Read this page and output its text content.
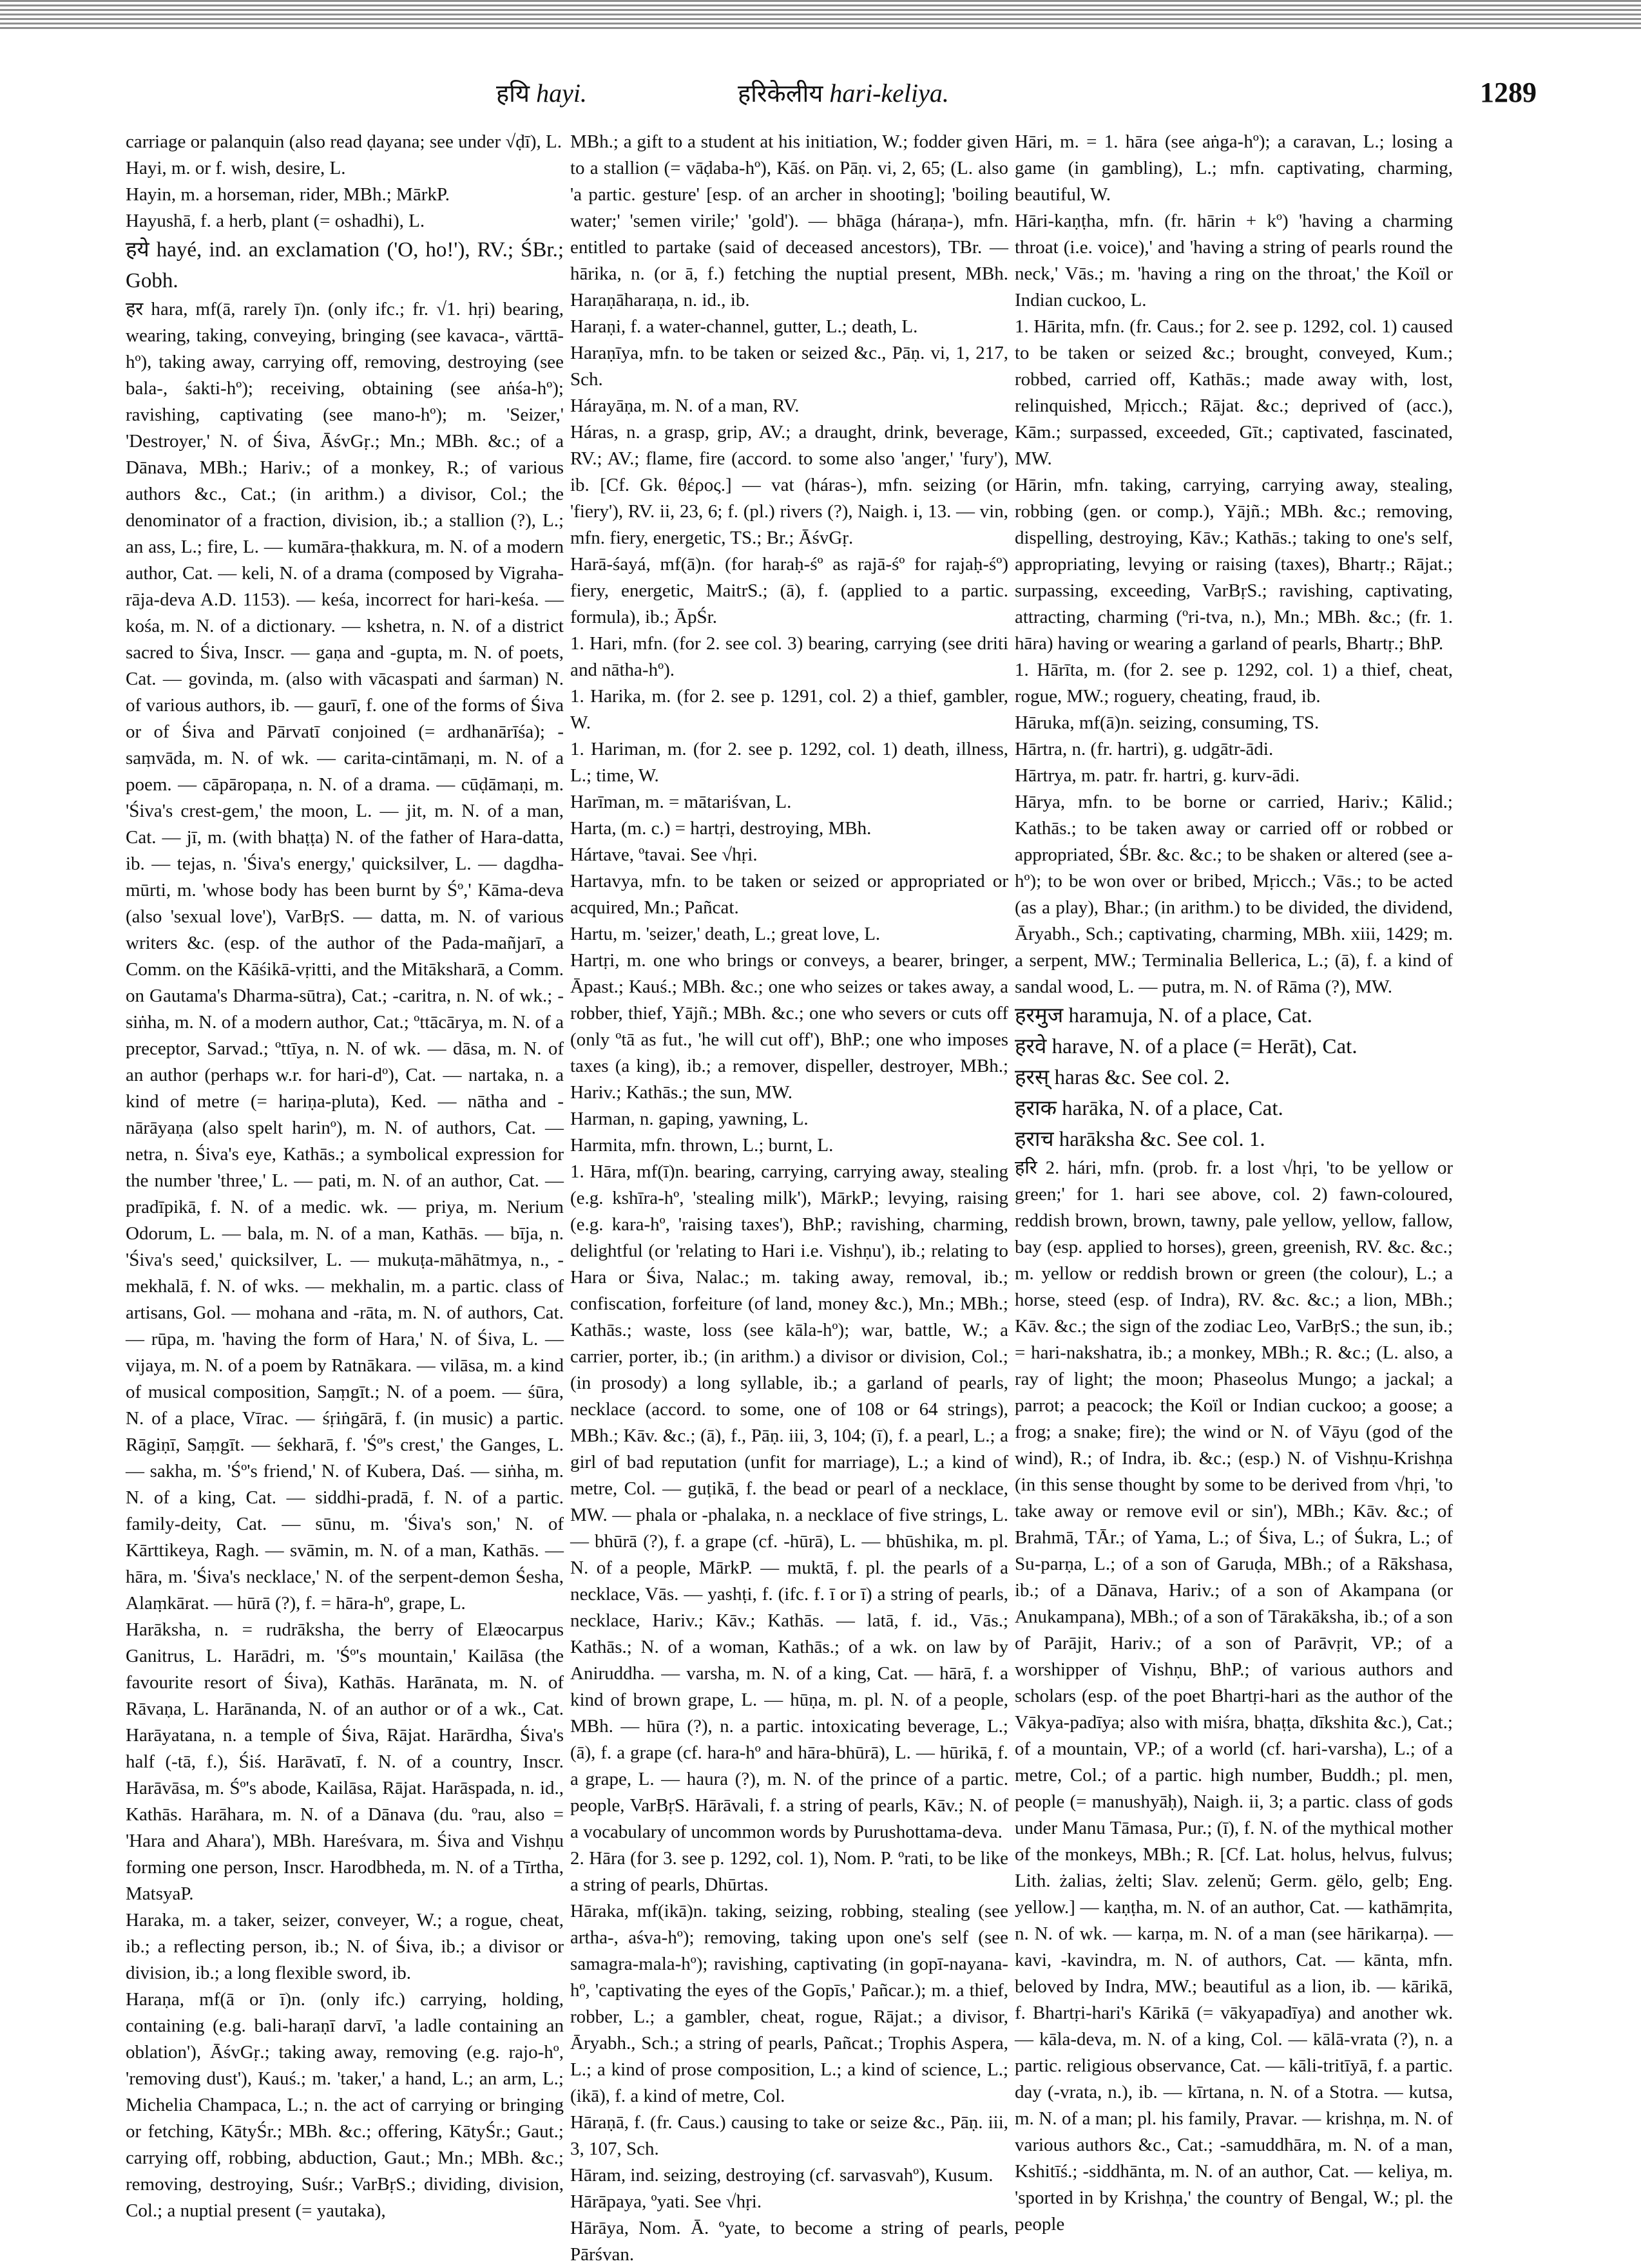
हयि hayi.	हरिकेलीय hari-keliya.	1289

carriage or palanquin (also read ḍayana; see under √ḍī), L.

Hayi, m. or f. wish, desire, L.

Hayin, m. a horseman, rider, MBh.; MārkP.

Hayushā, f. a herb, plant (= oshadhi), L.

हये hayé, ind. an exclamation ('O, ho!'), RV.; ŚBr.; Gobh.

हर hara, mf(ā, rarely ī)n. (only ifc.; fr. √1. hṛi) bearing, wearing, taking, conveying, bringing (see kavaca-, vārttā-hº), taking away, carrying off, removing, destroying (see bala-, śakti-hº); receiving, obtaining (see aṅśa-hº); ravishing, captivating (see mano-hº); m. 'Seizer,' 'Destroyer,' N. of Śiva, ĀśvGṛ.; Mn.; MBh. &c.; of a Dānava, MBh.; Hariv.; of a monkey, R.; of various authors &c., Cat.; (in arithm.) a divisor, Col.; the denominator of a fraction, division, ib.; a stallion (?), L.; an ass, L.; fire, L. — kumāra-ṭhakkura, m. N. of a modern author, Cat. — keli, N. of a drama (composed by Vigraha-rāja-deva A.D. 1153). — keśa, incorrect for hari-keśa. — kośa, m. N. of a dictionary. — kshetra, n. N. of a district sacred to Śiva, Inscr. — gaṇa and -gupta, m. N. of poets, Cat. — govinda, m. (also with vācaspati and śarman) N. of various authors, ib. — gaurī, f. one of the forms of Śiva or of Śiva and Pārvatī conjoined (= ardhanārīśa); -saṃvāda, m. N. of wk. — carita-cintāmaṇi, m. N. of a poem. — cāpāropaṇa, n. N. of a drama. — cūḍāmaṇi, m. 'Śiva's crest-gem,' the moon, L. — jit, m. N. of a man, Cat. — jī, m. (with bhaṭṭa) N. of the father of Hara-datta, ib. — tejas, n. 'Śiva's energy,' quicksilver, L. — dagdha-mūrti, m. 'whose body has been burnt by Śº,' Kāma-deva (also 'sexual love'), VarBṛS. — datta, m. N. of various writers &c. (esp. of the author of the Pada-mañjarī, a Comm. on the Kāśikā-vṛitti, and the Mitāksharā, a Comm. on Gautama's Dharma-sūtra), Cat.; -caritra, n. N. of wk.; -siṅha, m. N. of a modern author, Cat.; ºttācārya, m. N. of a preceptor, Sarvad.; ºttīya, n. N. of wk. — dāsa, m. N. of an author (perhaps w.r. for hari-dº), Cat. — nartaka, n. a kind of metre (= hariṇa-pluta), Ked. — nātha and -nārāyaṇa (also spelt harinº), m. N. of authors, Cat. — netra, n. Śiva's eye, Kathās.; a symbolical expression for the number 'three,' L. — pati, m. N. of an author, Cat. — pradīpikā, f. N. of a medic. wk. — priya, m. Nerium Odorum, L. — bala, m. N. of a man, Kathās. — bīja, n. 'Śiva's seed,' quicksilver, L. — mukuṭa-māhātmya, n., -mekhalā, f. N. of wks. — mekhalin, m. a partic. class of artisans, Gol. — mohana and -rāta, m. N. of authors, Cat. — rūpa, m. 'having the form of Hara,' N. of Śiva, L. — vijaya, m. N. of a poem by Ratnākara. — vilāsa, m. a kind of musical composition, Saṃgīt.; N. of a poem. — śūra, N. of a place, Vīrac. — śṛiṅgārā, f. (in music) a partic. Rāgiṇī, Saṃgīt. — śekharā, f. 'Śº's crest,' the Ganges, L. — sakha, m. 'Śº's friend,' N. of Kubera, Daś. — siṅha, m. N. of a king, Cat. — siddhi-pradā, f. N. of a partic. family-deity, Cat. — sūnu, m. 'Śiva's son,' N. of Kārttikeya, Ragh. — svāmin, m. N. of a man, Kathās. — hāra, m. 'Śiva's necklace,' N. of the serpent-demon Śesha, Alaṃkārat. — hūrā (?), f. = hāra-hº, grape, L.

Harāksha, n. = rudrāksha, the berry of Elæocarpus Ganitrus, L. Harādri, m. 'Śº's mountain,' Kailāsa (the favourite resort of Śiva), Kathās. Harānata, m. N. of Rāvaṇa, L. Harānanda, N. of an author or of a wk., Cat. Harāyatana, n. a temple of Śiva, Rājat. Harārdha, Śiva's half (-tā, f.), Śiś. Harāvatī, f. N. of a country, Inscr. Harāvāsa, m. Śº's abode, Kailāsa, Rājat. Harāspada, n. id., Kathās. Harāhara, m. N. of a Dānava (du. ºrau, also = 'Hara and Ahara'), MBh. Hareśvara, m. Śiva and Vishṇu forming one person, Inscr. Harodbheda, m. N. of a Tīrtha, MatsyaP.

Haraka, m. a taker, seizer, conveyer, W.; a rogue, cheat, ib.; a reflecting person, ib.; N. of Śiva, ib.; a divisor or division, ib.; a long flexible sword, ib.

Haraṇa, mf(ā or ī)n. (only ifc.) carrying, holding, containing (e.g. bali-haraṇī darvī, 'a ladle containing an oblation'), ĀśvGṛ.; taking away, removing (e.g. rajo-hº, 'removing dust'), Kauś.; m. 'taker,' a hand, L.; an arm, L.; Michelia Champaca, L.; n. the act of carrying or bringing or fetching, KātyŚr.; MBh. &c.; offering, KātyŚr.; Gaut.; carrying off, robbing, abduction, Gaut.; Mn.; MBh. &c.; removing, destroying, Suśr.; VarBṛS.; dividing, division, Col.; a nuptial present (= yautaka),

MBh.; a gift to a student at his initiation, W.; fodder given to a stallion (= vāḍaba-hº), Kāś. on Pāṇ. vi, 2, 65; (L. also 'a partic. gesture' [esp. of an archer in shooting]; 'boiling water;' 'semen virile;' 'gold'). — bhāga (háraṇa-), mfn. entitled to partake (said of deceased ancestors), TBr. — hārika, n. (or ā, f.) fetching the nuptial present, MBh. Haraṇāharaṇa, n. id., ib.

Haraṇi, f. a water-channel, gutter, L.; death, L.

Haraṇīya, mfn. to be taken or seized &c., Pāṇ. vi, 1, 217, Sch.

Hárayāṇa, m. N. of a man, RV.

Háras, n. a grasp, grip, AV.; a draught, drink, beverage, RV.; AV.; flame, fire (accord. to some also 'anger,' 'fury'), ib. [Cf. Gk. θέρος.] — vat (háras-), mfn. seizing (or 'fiery'), RV. ii, 23, 6; f. (pl.) rivers (?), Naigh. i, 13. — vin, mfn. fiery, energetic, TS.; Br.; ĀśvGṛ.

Harā-śayá, mf(ā)n. (for haraḥ-śº as rajā-śº for rajaḥ-śº) fiery, energetic, MaitrS.; (ā), f. (applied to a partic. formula), ib.; ĀpŚr.

1. Hari, mfn. (for 2. see col. 3) bearing, carrying (see driti and nātha-hº).

1. Harika, m. (for 2. see p. 1291, col. 2) a thief, gambler, W.

1. Hariman, m. (for 2. see p. 1292, col. 1) death, illness, L.; time, W.

Harīman, m. = mātariśvan, L.

Harta, (m. c.) = hartṛi, destroying, MBh.

Hártave, ºtavai. See √hṛi.

Hartavya, mfn. to be taken or seized or appropriated or acquired, Mn.; Pañcat.

Hartu, m. 'seizer,' death, L.; great love, L.

Hartṛi, m. one who brings or conveys, a bearer, bringer, Āpast.; Kauś.; MBh. &c.; one who seizes or takes away, a robber, thief, Yājñ.; MBh. &c.; one who severs or cuts off (only ºtā as fut., 'he will cut off'), BhP.; one who imposes taxes (a king), ib.; a remover, dispeller, destroyer, MBh.; Hariv.; Kathās.; the sun, MW.

Harman, n. gaping, yawning, L.

Harmita, mfn. thrown, L.; burnt, L.

1. Hāra, mf(ī)n. bearing, carrying, carrying away, stealing (e.g. kshīra-hº, 'stealing milk'), MārkP.; levying, raising (e.g. kara-hº, 'raising taxes'), BhP.; ravishing, charming, delightful (or 'relating to Hari i.e. Vishṇu'), ib.; relating to Hara or Śiva, Nalac.; m. taking away, removal, ib.; confiscation, forfeiture (of land, money &c.), Mn.; MBh.; Kathās.; waste, loss (see kāla-hº); war, battle, W.; a carrier, porter, ib.; (in arithm.) a divisor or division, Col.; (in prosody) a long syllable, ib.; a garland of pearls, necklace (accord. to some, one of 108 or 64 strings), MBh.; Kāv. &c.; (ā), f., Pāṇ. iii, 3, 104; (ī), f. a pearl, L.; a girl of bad reputation (unfit for marriage), L.; a kind of metre, Col. — guṭikā, f. the bead or pearl of a necklace, MW. — phala or -phalaka, n. a necklace of five strings, L. — bhūrā (?), f. a grape (cf. -hūrā), L. — bhūshika, m. pl. N. of a people, MārkP. — muktā, f. pl. the pearls of a necklace, Vās. — yashṭi, f. (ifc. f. ī or ī) a string of pearls, necklace, Hariv.; Kāv.; Kathās. — latā, f. id., Vās.; Kathās.; N. of a woman, Kathās.; of a wk. on law by Aniruddha. — varsha, m. N. of a king, Cat. — hārā, f. a kind of brown grape, L. — hūṇa, m. pl. N. of a people, MBh. — hūra (?), n. a partic. intoxicating beverage, L.; (ā), f. a grape (cf. hara-hº and hāra-bhūrā), L. — hūrikā, f. a grape, L. — haura (?), m. N. of the prince of a partic. people, VarBṛS. Hārāvali, f. a string of pearls, Kāv.; N. of a vocabulary of uncommon words by Purushottama-deva.

2. Hāra (for 3. see p. 1292, col. 1), Nom. P. ºrati, to be like a string of pearls, Dhūrtas.

Hāraka, mf(ikā)n. taking, seizing, robbing, stealing (see artha-, aśva-hº); removing, taking upon one's self (see samagra-mala-hº); ravishing, captivating (in gopī-nayana-hº, 'captivating the eyes of the Gopīs,' Pañcar.); m. a thief, robber, L.; a gambler, cheat, rogue, Rājat.; a divisor, Āryabh., Sch.; a string of pearls, Pañcat.; Trophis Aspera, L.; a kind of prose composition, L.; a kind of science, L.; (ikā), f. a kind of metre, Col.

Hāraṇā, f. (fr. Caus.) causing to take or seize &c., Pāṇ. iii, 3, 107, Sch.

Hāram, ind. seizing, destroying (cf. sarvasvahº), Kusum.

Hārāpaya, ºyati. See √hṛi.

Hārāya, Nom. Ā. ºyate, to become a string of pearls, Pārśvan.

Hāri, m. = 1. hāra (see aṅga-hº); a caravan, L.; losing a game (in gambling), L.; mfn. captivating, charming, beautiful, W.

Hāri-kaṇṭha, mfn. (fr. hārin + kº) 'having a charming throat (i.e. voice),' and 'having a string of pearls round the neck,' Vās.; m. 'having a ring on the throat,' the Koïl or Indian cuckoo, L.

1. Hārita, mfn. (fr. Caus.; for 2. see p. 1292, col. 1) caused to be taken or seized &c.; brought, conveyed, Kum.; robbed, carried off, Kathās.; made away with, lost, relinquished, Mṛicch.; Rājat. &c.; deprived of (acc.), Kām.; surpassed, exceeded, Gīt.; captivated, fascinated, MW.

Hārin, mfn. taking, carrying, carrying away, stealing, robbing (gen. or comp.), Yājñ.; MBh. &c.; removing, dispelling, destroying, Kāv.; Kathās.; taking to one's self, appropriating, levying or raising (taxes), Bhartṛ.; Rājat.; surpassing, exceeding, VarBṛS.; ravishing, captivating, attracting, charming (ºri-tva, n.), Mn.; MBh. &c.; (fr. 1. hāra) having or wearing a garland of pearls, Bhartṛ.; BhP.

1. Hārīta, m. (for 2. see p. 1292, col. 1) a thief, cheat, rogue, MW.; roguery, cheating, fraud, ib.

Hāruka, mf(ā)n. seizing, consuming, TS.

Hārtra, n. (fr. hartri), g. udgātr-ādi.

Hārtrya, m. patr. fr. hartri, g. kurv-ādi.

Hārya, mfn. to be borne or carried, Hariv.; Kālid.; Kathās.; to be taken away or carried off or robbed or appropriated, ŚBr. &c. &c.; to be shaken or altered (see a-hº); to be won over or bribed, Mṛicch.; Vās.; to be acted (as a play), Bhar.; (in arithm.) to be divided, the dividend, Āryabh., Sch.; captivating, charming, MBh. xiii, 1429; m. a serpent, MW.; Terminalia Bellerica, L.; (ā), f. a kind of sandal wood, L. — putra, m. N. of Rāma (?), MW.

हरमुज haramuja, N. of a place, Cat.

हरवे harave, N. of a place (= Herāt), Cat.

हरस् haras &c. See col. 2.

हराक harāka, N. of a place, Cat.

हराच harāksha &c. See col. 1.

हरि 2. hári, mfn. (prob. fr. a lost √hṛi, 'to be yellow or green;' for 1. hari see above, col. 2) fawn-coloured, reddish brown, brown, tawny, pale yellow, yellow, fallow, bay (esp. applied to horses), green, greenish, RV. &c. &c.; m. yellow or reddish brown or green (the colour), L.; a horse, steed (esp. of Indra), RV. &c. &c.; a lion, MBh.; Kāv. &c.; the sign of the zodiac Leo, VarBṛS.; the sun, ib.; = hari-nakshatra, ib.; a monkey, MBh.; R. &c.; (L. also, a ray of light; the moon; Phaseolus Mungo; a jackal; a parrot; a peacock; the Koïl or Indian cuckoo; a goose; a frog; a snake; fire); the wind or N. of Vāyu (god of the wind), R.; of Indra, ib. &c.; (esp.) N. of Vishṇu-Krishṇa (in this sense thought by some to be derived from √hṛi, 'to take away or remove evil or sin'), MBh.; Kāv. &c.; of Brahmā, TĀr.; of Yama, L.; of Śiva, L.; of Śukra, L.; of Su-parṇa, L.; of a son of Garuḍa, MBh.; of a Rākshasa, ib.; of a Dānava, Hariv.; of a son of Akampana (or Anukampana), MBh.; of a son of Tārakāksha, ib.; of a son of Parājit, Hariv.; of a son of Parāvṛit, VP.; of a worshipper of Vishṇu, BhP.; of various authors and scholars (esp. of the poet Bhartṛi-hari as the author of the Vākya-padīya; also with miśra, bhaṭṭa, dīkshita &c.), Cat.; of a mountain, VP.; of a world (cf. hari-varsha), L.; of a metre, Col.; of a partic. high number, Buddh.; pl. men, people (= manushyāḥ), Naigh. ii, 3; a partic. class of gods under Manu Tāmasa, Pur.; (ī), f. N. of the mythical mother of the monkeys, MBh.; R. [Cf. Lat. holus, helvus, fulvus; Lith. żalias, żelti; Slav. zelenŭ; Germ. gëlo, gelb; Eng. yellow.] — kaṇṭha, m. N. of an author, Cat. — kathāmṛita, n. N. of wk. — karṇa, m. N. of a man (see hārikarṇa). — kavi, -kavindra, m. N. of authors, Cat. — kānta, mfn. beloved by Indra, MW.; beautiful as a lion, ib. — kārikā, f. Bhartṛi-hari's Kārikā (= vākyapadīya) and another wk. — kāla-deva, m. N. of a king, Col. — kālā-vrata (?), n. a partic. religious observance, Cat. — kāli-tritīyā, f. a partic. day (-vrata, n.), ib. — kīrtana, n. N. of a Stotra. — kutsa, m. N. of a man; pl. his family, Pravar. — krishṇa, m. N. of various authors &c., Cat.; -samuddhāra, m. N. of a man, Kshitīś.; -siddhānta, m. N. of an author, Cat. — keliya, m. 'sported in by Krishṇa,' the country of Bengal, W.; pl. the people
